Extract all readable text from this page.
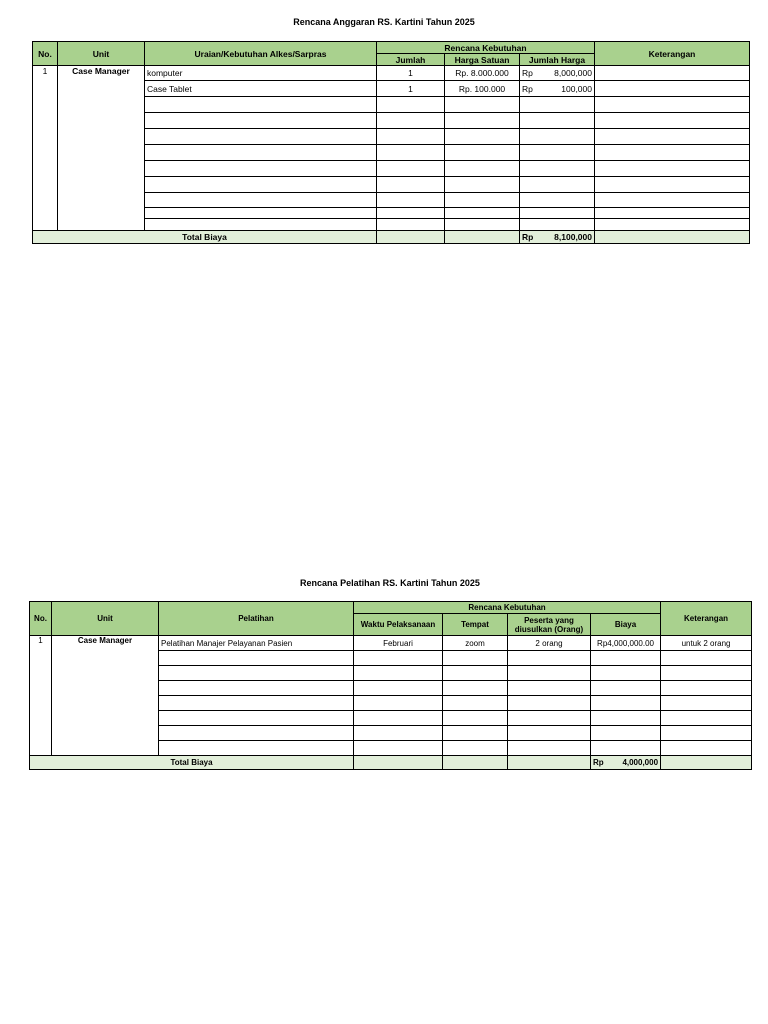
Rencana Anggaran RS. Kartini Tahun 2025
No.	Unit	Uraian/Kebutuhan Alkes/Sarpras	Rencana Kebutuhan			Keterangan
			Jumlah	Harga Satuan	Jumlah Harga	
1	Case Manager	komputer	1	Rp. 8.000.000	Rp 8,000,000	

		Case Tablet	1	Rp. 100.000	Rp 100,000	

Total Biaya					Rp 8,100,000	

Rencana Pelatihan RS. Kartini Tahun 2025
No.	Unit	Pelatihan	Rencana Kebutuhan				Keterangan
			Waktu Pelaksanaan	Tempat	Peserta yang diusulkan (Orang)	Biaya	
1	Case Manager	Pelatihan Manajer Pelayanan Pasien	Februari	zoom	2 orang	Rp4,000,000.00	untuk 2 orang

Total Biaya						Rp 4,000,000	
